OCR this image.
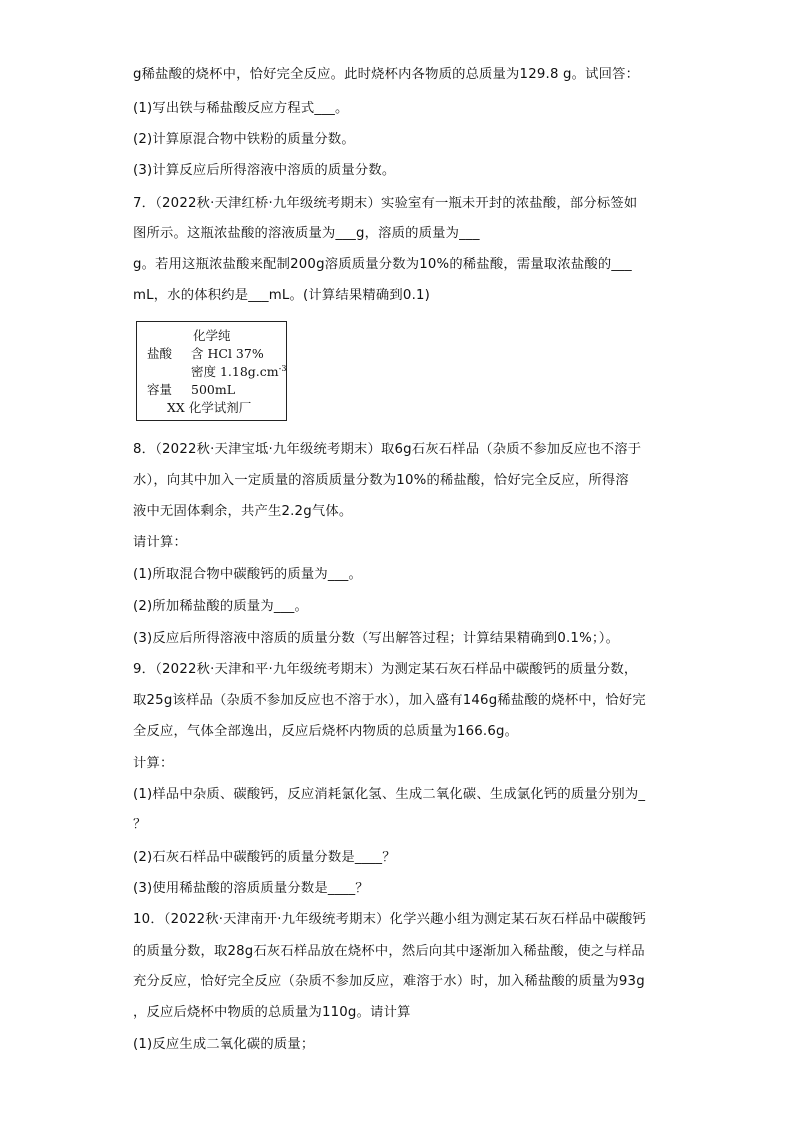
g稀盐酸的烧杯中，恰好完全反应。此时烧杯内各物质的总质量为129.8 g。试回答：
(1)写出铁与稀盐酸反应方程式___。
(2)计算原混合物中铁粉的质量分数。
(3)计算反应后所得溶液中溶质的质量分数。
7．（2022秋·天津红桥·九年级统考期末）实验室有一瓶未开封的浓盐酸，部分标签如
图所示。这瓶浓盐酸的溶液质量为___g，溶质的质量为___
g。若用这瓶浓盐酸来配制200g溶质质量分数为10%的稀盐酸，需量取浓盐酸的___
mL，水的体积约是___mL。(计算结果精确到0.1)
化学纯
盐酸 含 HCl 37%
密度 $1.18g.cm^{-3}$
容量 500mL
XX 化学试剂厂
8．（2022秋·天津宝坻·九年级统考期末）取6g石灰石样品（杂质不参加反应也不溶于
水），向其中加入一定质量的溶质质量分数为10%的稀盐酸，恰好完全反应，所得溶
液中无固体剩余，共产生2.2g气体。
请计算：
(1)所取混合物中碳酸钙的质量为___。
(2)所加稀盐酸的质量为___。
(3)反应后所得溶液中溶质的质量分数（写出解答过程；计算结果精确到0.1%；）。
9．（2022秋·天津和平·九年级统考期末）为测定某石灰石样品中碳酸钙的质量分数，
取25g该样品（杂质不参加反应也不溶于水），加入盛有146g稀盐酸的烧杯中，恰好完
全反应，气体全部逸出，反应后烧杯内物质的总质量为166.6g。
计算：
(1)样品中杂质、碳酸钙，反应消耗氯化氢、生成二氧化碳、生成氯化钙的质量分别为_
？
(2)石灰石样品中碳酸钙的质量分数是____？
(3)使用稀盐酸的溶质质量分数是____？
10．（2022秋·天津南开·九年级统考期末）化学兴趣小组为测定某石灰石样品中碳酸钙
的质量分数，取28g石灰石样品放在烧杯中，然后向其中逐渐加入稀盐酸，使之与样品
充分反应，恰好完全反应（杂质不参加反应，难溶于水）时，加入稀盐酸的质量为93g
，反应后烧杯中物质的总质量为110g。请计算
(1)反应生成二氧化碳的质量；
